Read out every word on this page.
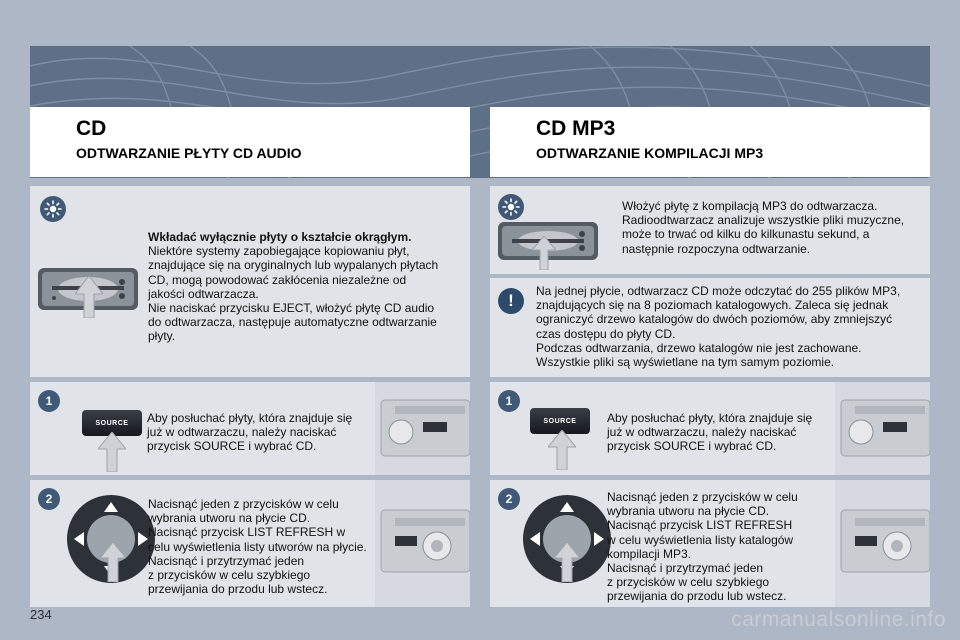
CD
ODTWARZANIE PŁYTY CD AUDIO
CD MP3
ODTWARZANIE KOMPILACJI MP3

Wkładać wyłącznie płyty o kształcie okrągłym.

Niektóre systemy zapobiegające kopiowaniu płyt,

znajdujące się na oryginalnych lub wypalanych płytach

CD, mogą powodować zakłócenia niezależne od

jakości odtwarzacza.

Nie naciskać przycisku EJECT, włożyć płytę CD audio

do odtwarzacza, następuje automatyczne odtwarzanie

płyty.

1
SOURCE	Aby posłuchać płyty, która znajduje się

już w odtwarzaczu, należy naciskać

przycisk SOURCE i wybrać CD.

2	Nacisnąć jeden z przycisków w celu

wybrania utworu na płycie CD.

Nacisnąć przycisk LIST REFRESH w

celu wyświetlenia listy utworów na płycie.

Nacisnąć i przytrzymać jeden

z przycisków w celu szybkiego

przewijania do przodu lub wstecz.

Włożyć płytę z kompilacją MP3 do odtwarzacza.

Radioodtwarzacz analizuje wszystkie pliki muzyczne,

może to trwać od kilku do kilkunastu sekund, a

następnie rozpoczyna odtwarzanie.

!	Na jednej płycie, odtwarzacz CD może odczytać do 255 plików MP3,

znajdujących się na 8 poziomach katalogowych. Zaleca się jednak

ograniczyć drzewo katalogów do dwóch poziomów, aby zmniejszyć

czas dostępu do płyty CD.

Podczas odtwarzania, drzewo katalogów nie jest zachowane.

Wszystkie pliki są wyświetlane na tym samym poziomie.

1
SOURCE	Aby posłuchać płyty, która znajduje się

już w odtwarzaczu, należy naciskać

przycisk SOURCE i wybrać CD.

2	Nacisnąć jeden z przycisków w celu

wybrania utworu na płycie CD.

Nacisnąć przycisk LIST REFRESH

w celu wyświetlenia listy katalogów

kompilacji MP3.

Nacisnąć i przytrzymać jeden

z przycisków w celu szybkiego

przewijania do przodu lub wstecz.

234	carmanualsonline.info
